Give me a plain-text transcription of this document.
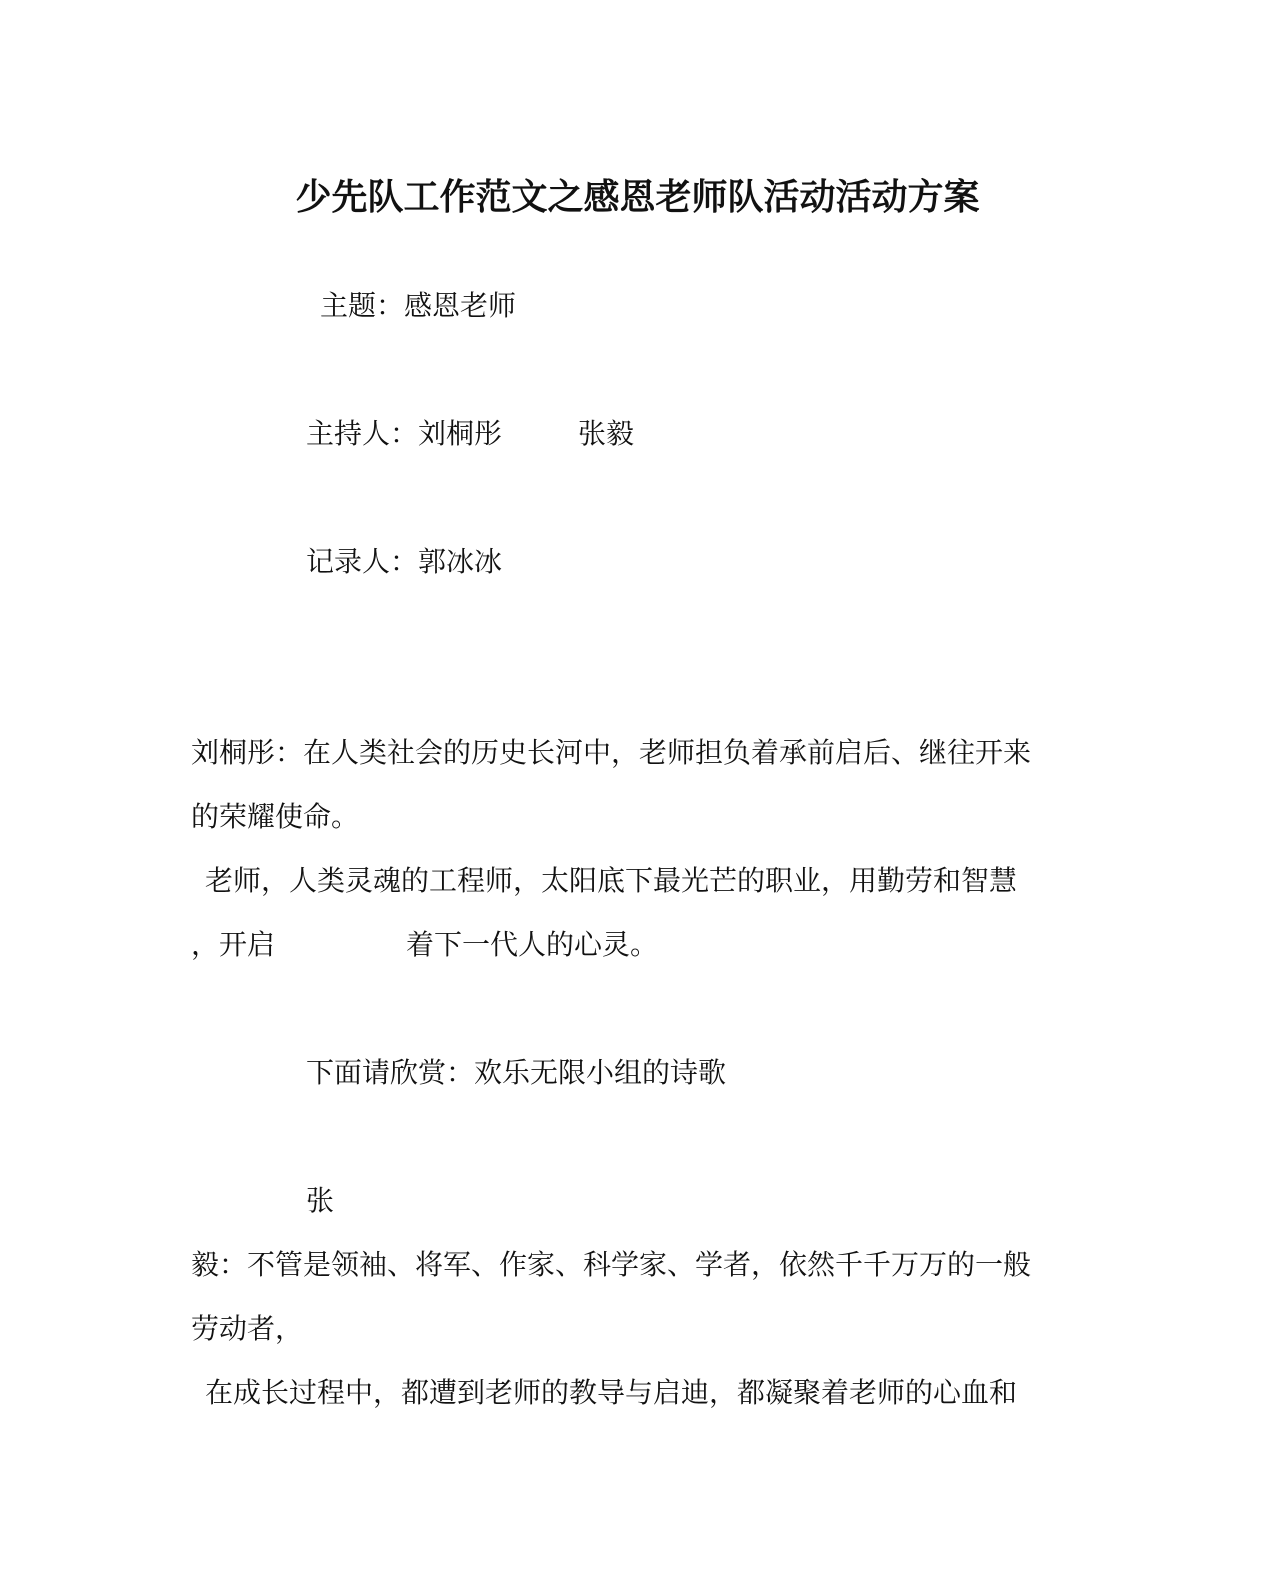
少先队工作范文之感恩老师队活动活动方案
主题：感恩老师
主持人：刘桐彤	张毅
记录人：郭冰冰
刘桐彤：在人类社会的历史长河中，老师担负着承前启后、继往开来
的荣耀使命。
老师，人类灵魂的工程师，太阳底下最光芒的职业，用勤劳和智慧
，开启	着下一代人的心灵。
下面请欣赏：欢乐无限小组的诗歌
张
毅：不管是领袖、将军、作家、科学家、学者，依然千千万万的一般
劳动者，
在成长过程中，都遭到老师的教导与启迪，都凝聚着老师的心血和
